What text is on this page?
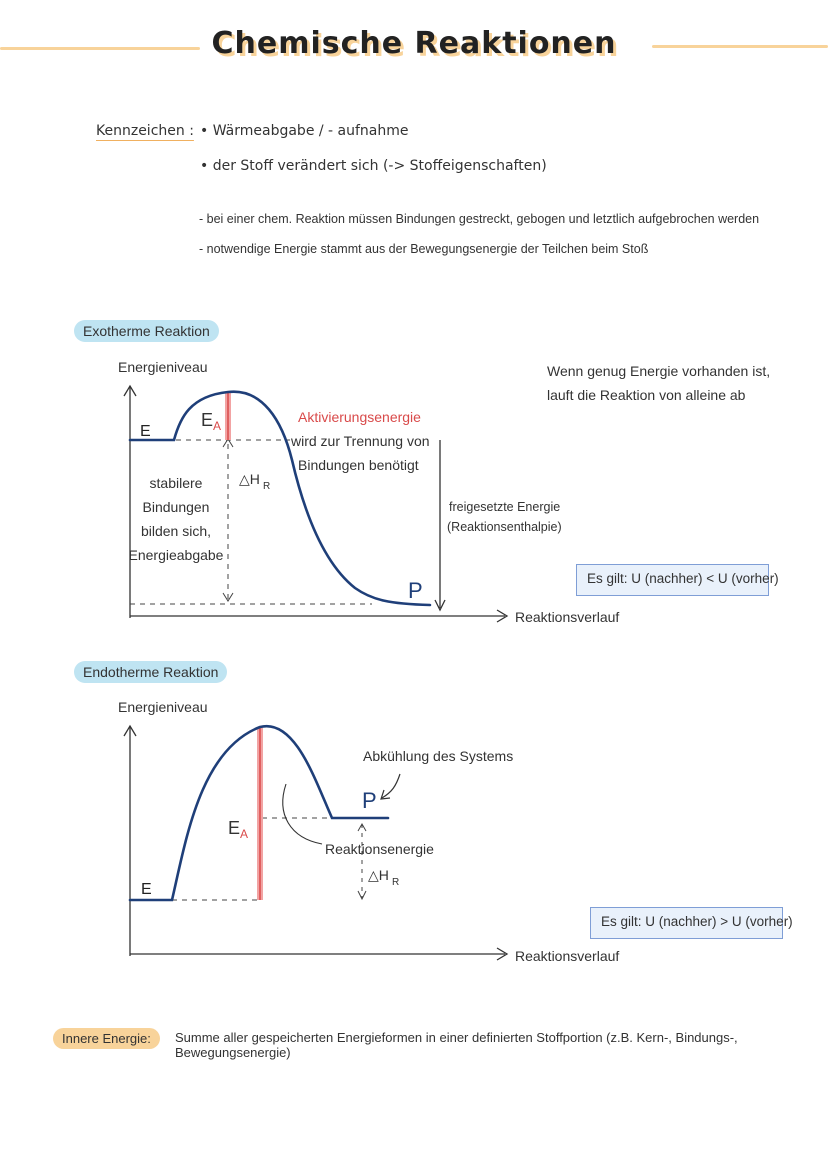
Chemische Reaktionen
Kennzeichen : • Wärmeabgabe / - aufnahme
• der Stoff verändert sich (-> Stoffeigenschaften)
- bei einer chem. Reaktion müssen Bindungen gestreckt, gebogen und letztlich aufgebrochen werden
- notwendige Energie stammt aus der Bewegungsenergie der Teilchen beim Stoß
Exotherme Reaktion
Wenn genug Energie vorhanden ist,
lauft die Reaktion von alleine ab
Es gilt: U (nachher) < U (vorher)
Energieniveau
Reaktionsverlauf
E
P
E A
△H R
Aktivierungsenergie
wird zur Trennung von
Bindungen benötigt
stabilere
Bindungen
bilden sich,
Energieabgabe
freigesetzte Energie
(Reaktionsenthalpie)
Endotherme Reaktion
Es gilt: U (nachher) > U (vorher)
Energieniveau
Reaktionsverlauf
E
P
E A
△H R
Abkühlung des Systems
Reaktionsenergie
Innere Energie:	Summe aller gespeicherten Energieformen in einer definierten Stoffportion (z.B. Kern-, Bindungs-, Bewegungsenergie)
